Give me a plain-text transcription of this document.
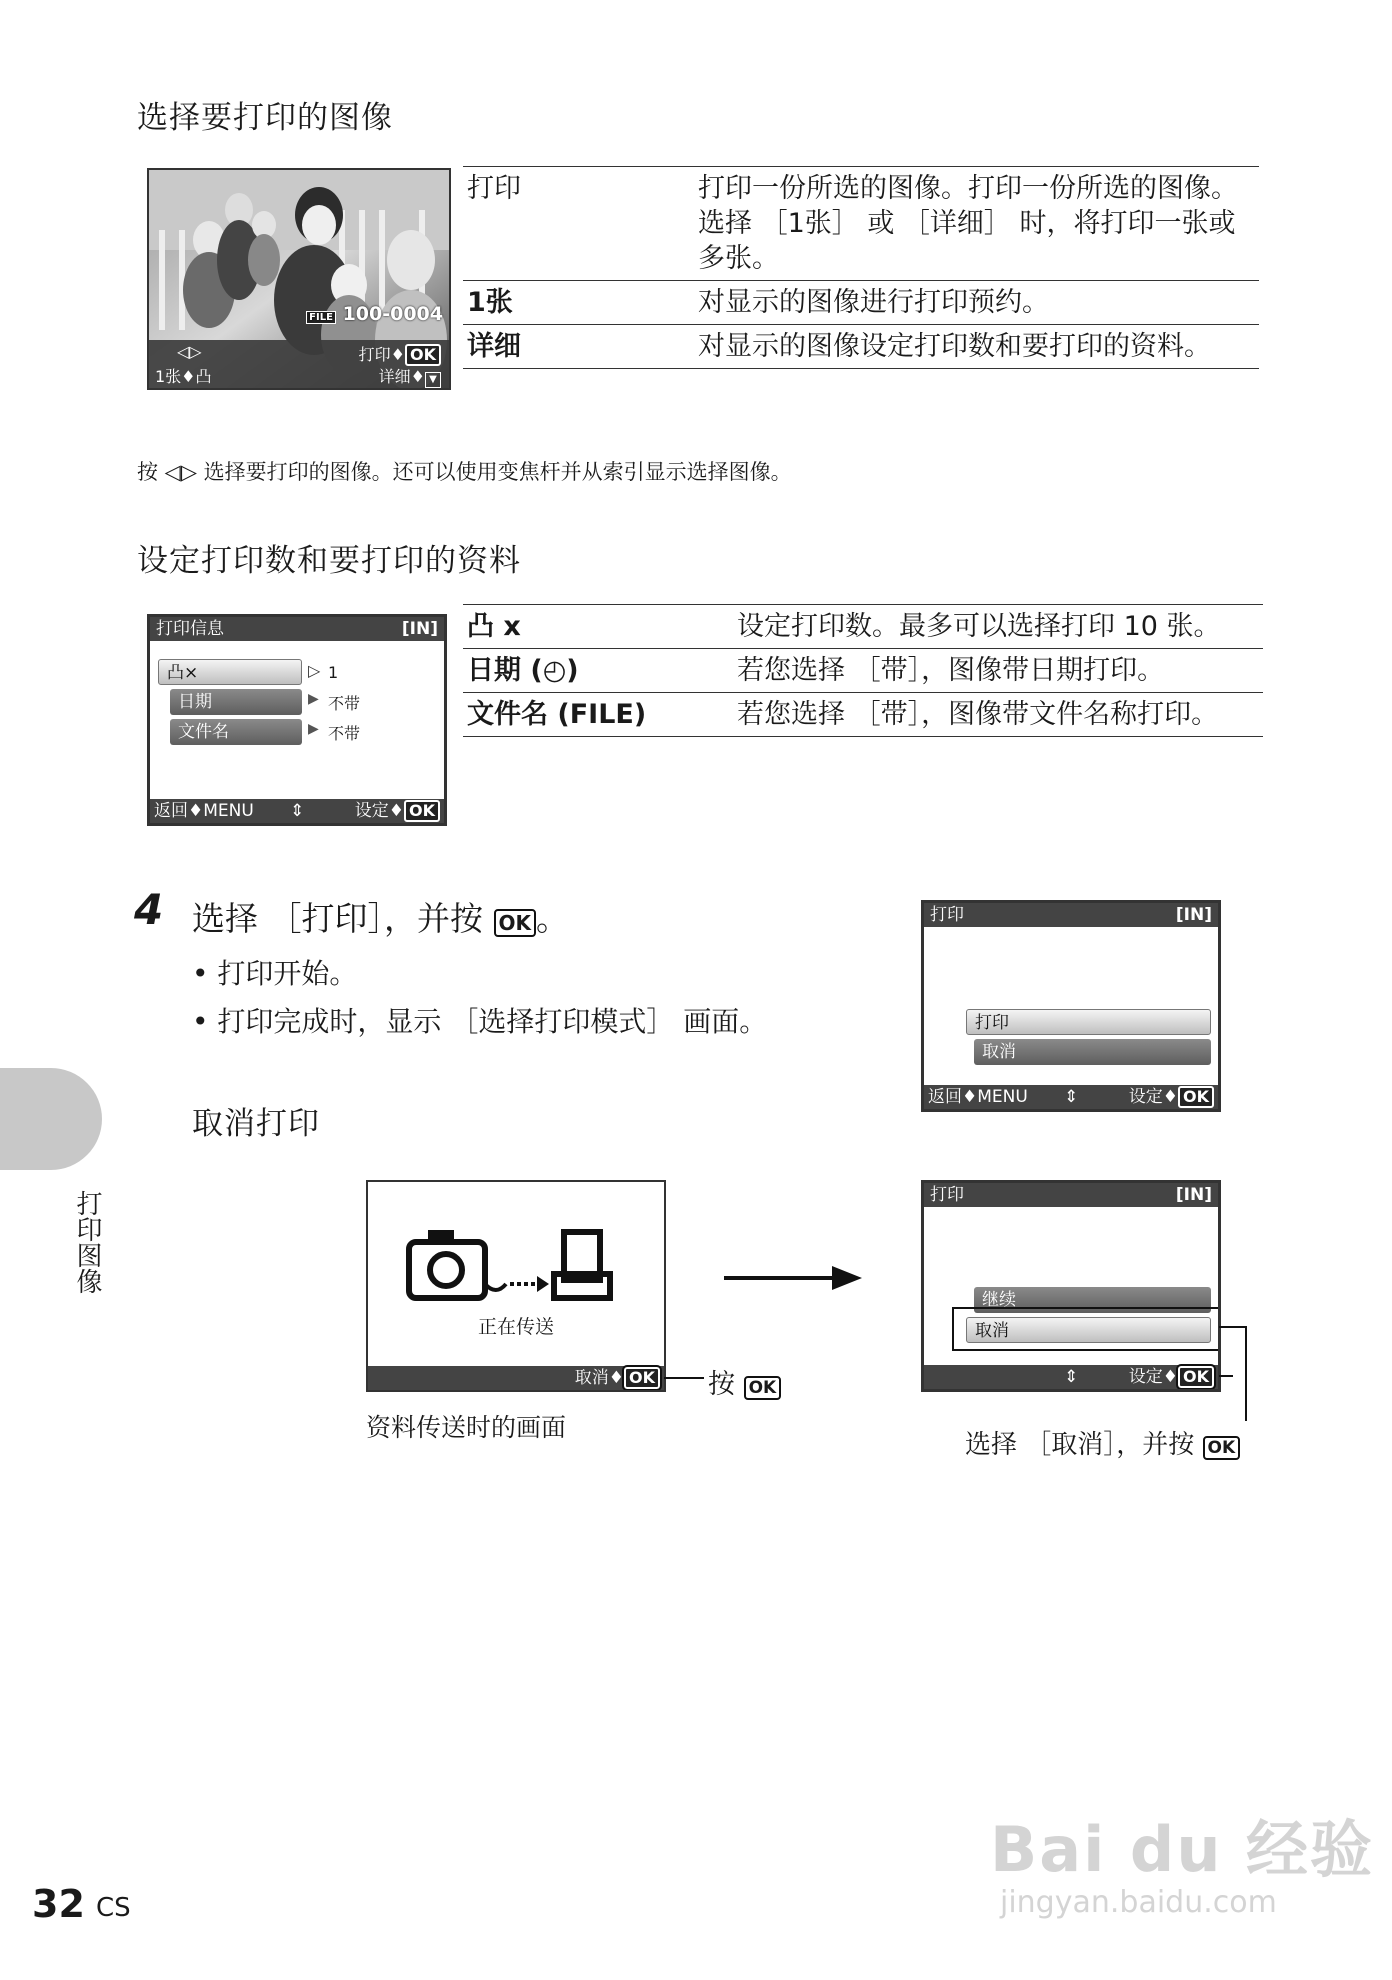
选择要打印的图像
FILE 100-0004
◁▷
1张♦凸
打印♦ OK
详细♦ ▼
打印	打印一份所选的图像。打印一份所选的图像。选择 ［1张］ 或 ［详细］ 时，将打印一张或多张。
1张	对显示的图像进行打印预约。
详细	对显示的图像设定打印数和要打印的资料。
按 ◁▷ 选择要打印的图像。还可以使用变焦杆并从索引显示选择图像。
设定打印数和要打印的资料
打印信息	[IN]
凸×	▷ 1
日期	▶ 不带
文件名	▶ 不带
返回♦MENU ⇕	设定♦ OK
凸 x	设定打印数。最多可以选择打印 10 张。
日期 (◴)	若您选择 ［带］，图像带日期打印。
文件名 (FILE)	若您选择 ［带］，图像带文件名称打印。
4 选择 ［打印］，并按 OK 。
• 打印开始。
• 打印完成时，显示 ［选择打印模式］ 画面。
打印	[IN]
打印
取消
返回♦MENU ⇕	设定♦ OK
取消打印
正在传送
取消♦ OK 按 OK
资料传送时的画面
打印	[IN]
继续
取消
⇕	设定♦ OK
选择 ［取消］，并按 OK
打印图像
32 CS
Bai du 经验
jingyan.baidu.com
